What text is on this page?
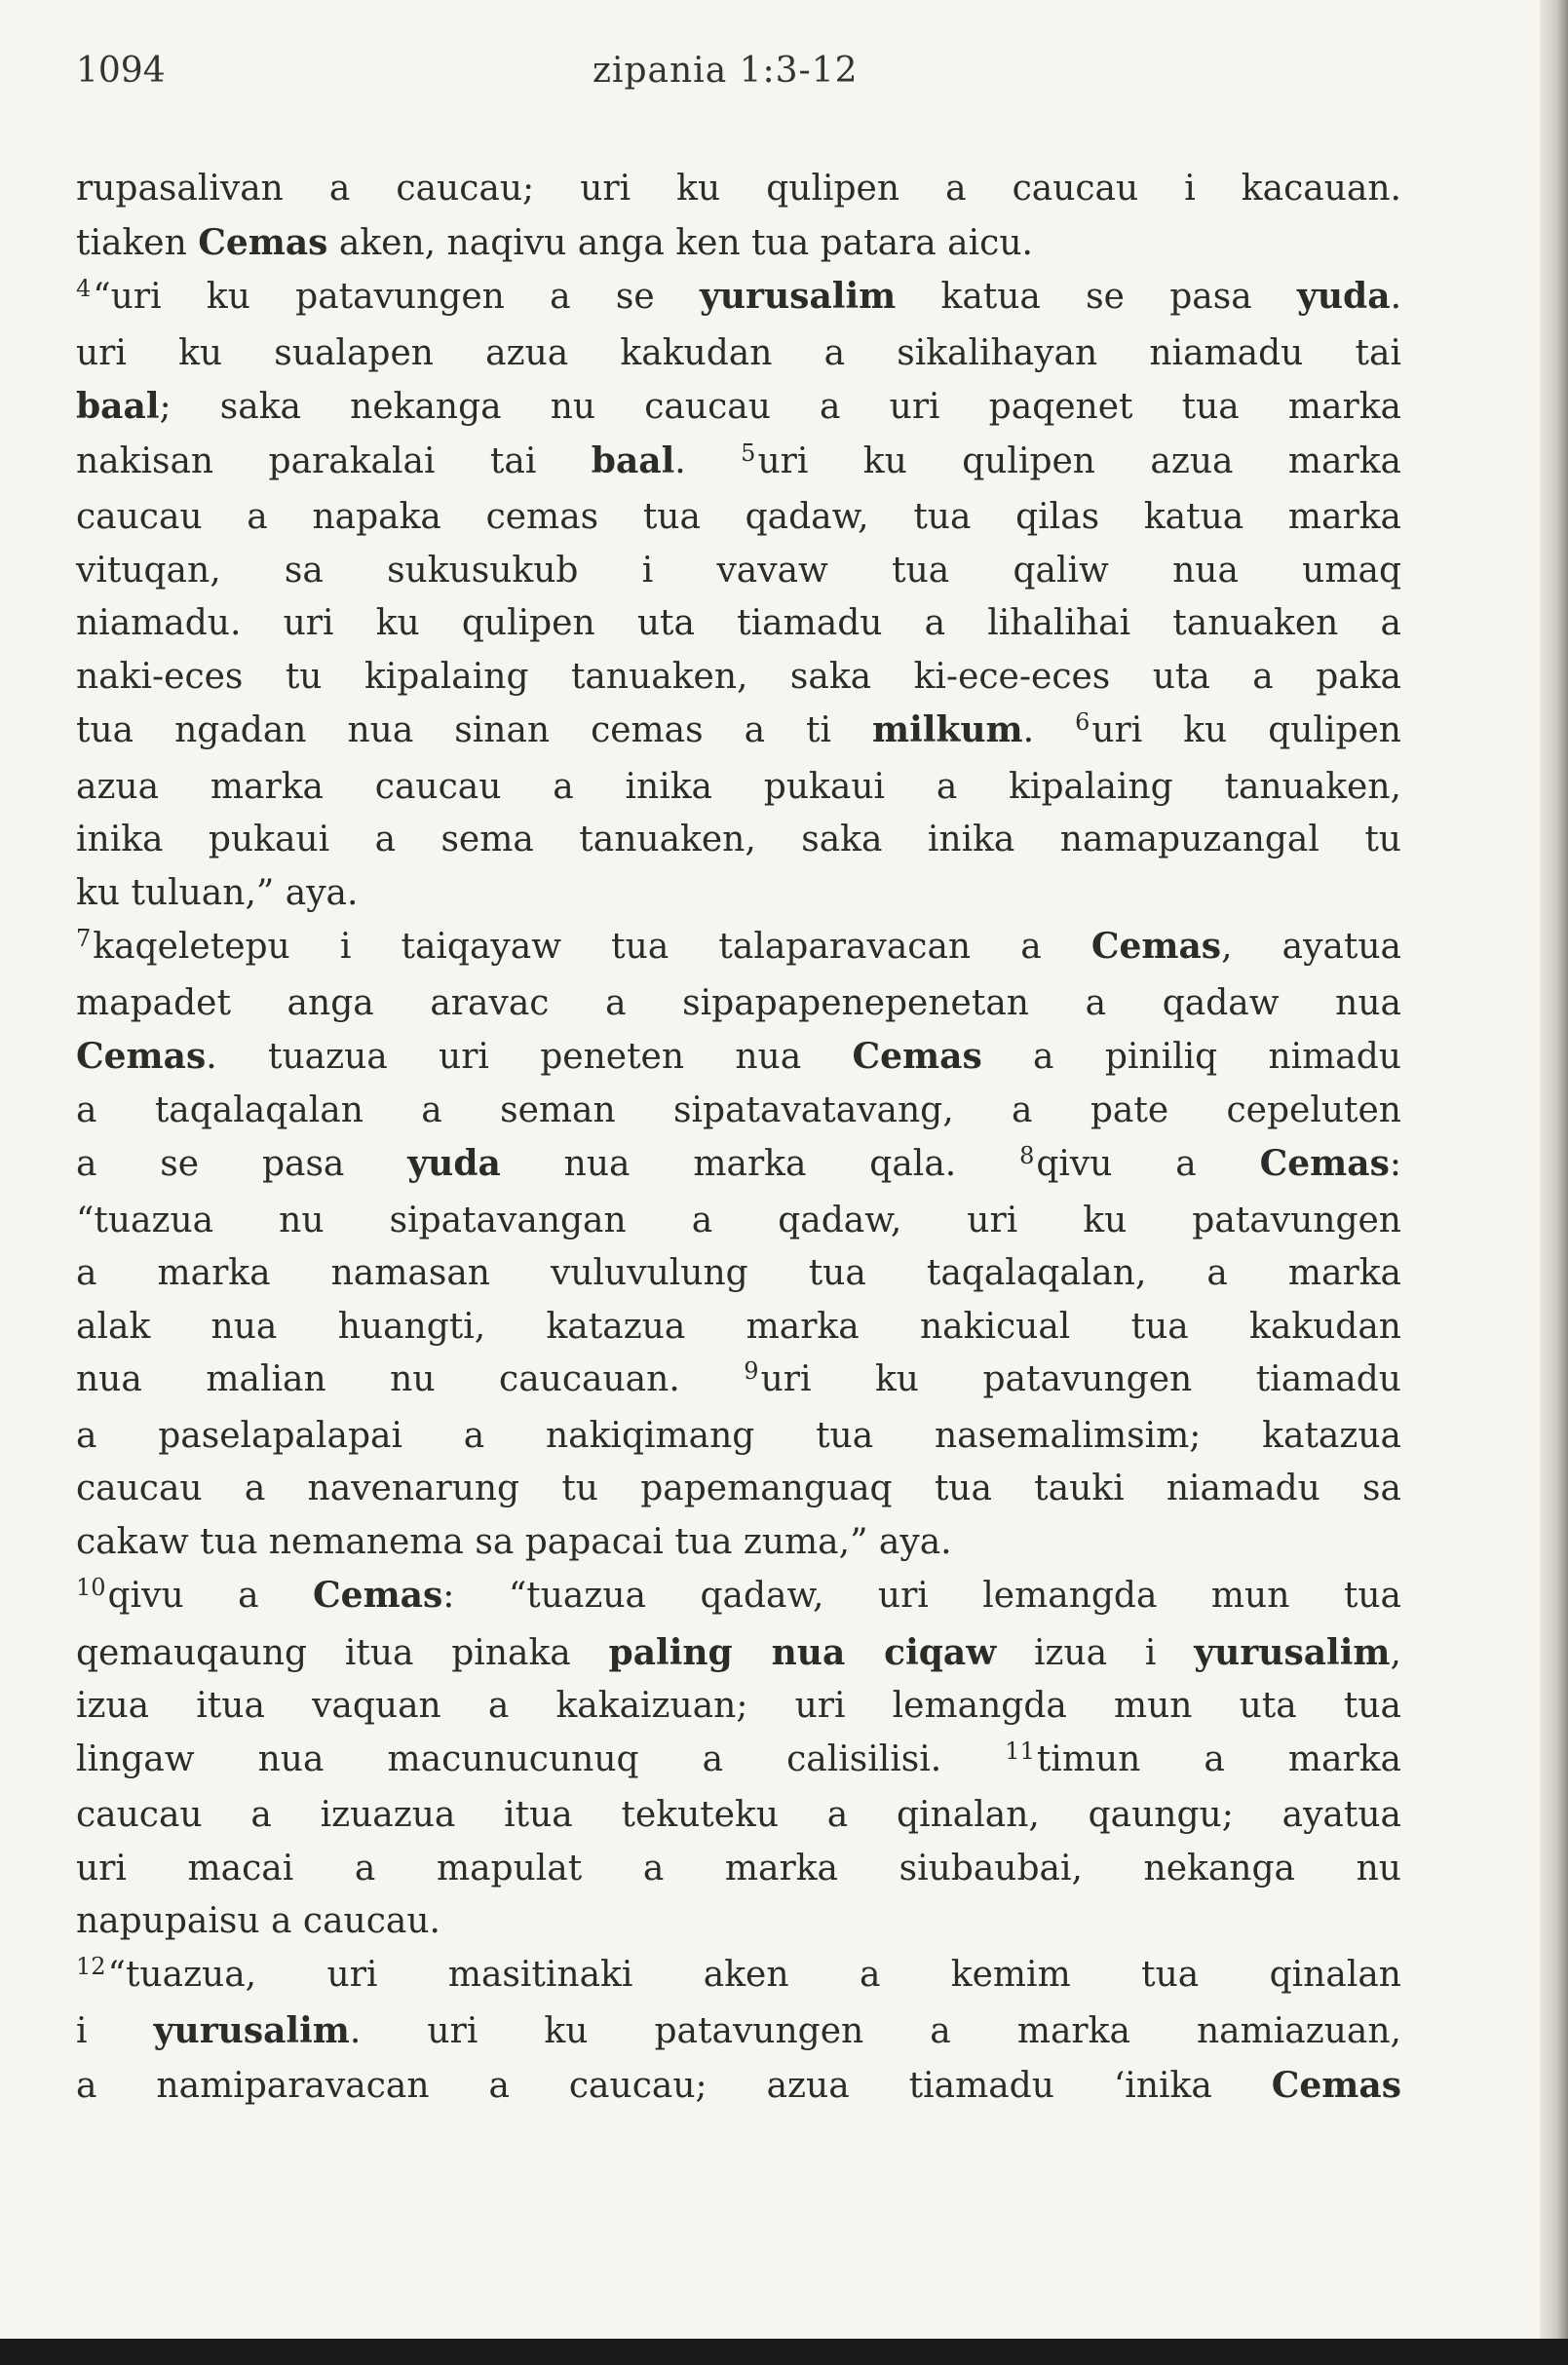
1094	zipania 1:3-12
rupasalivan a caucau; uri ku qulipen a caucau i kacauan.
tiaken Cemas aken, naqivu anga ken tua patara aicu.
$^4$“uri ku patavungen a se yurusalim katua se pasa yuda.
uri ku sualapen azua kakudan a sikalihayan niamadu tai
baal; saka nekanga nu caucau a uri paqenet tua marka
nakisan parakalai tai baal. $^5$uri ku qulipen azua marka
caucau a napaka cemas tua qadaw, tua qilas katua marka
vituqan, sa sukusukub i vavaw tua qaliw nua umaq
niamadu. uri ku qulipen uta tiamadu a lihalihai tanuaken a
naki-eces tu kipalaing tanuaken, saka ki-ece-eces uta a paka
tua ngadan nua sinan cemas a ti milkum. $^6$uri ku qulipen
azua marka caucau a inika pukaui a kipalaing tanuaken,
inika pukaui a sema tanuaken, saka inika namapuzangal tu
ku tuluan,” aya.
$^7$kaqeletepu i taiqayaw tua talaparavacan a Cemas, ayatua
mapadet anga aravac a sipapapenepenetan a qadaw nua
Cemas. tuazua uri peneten nua Cemas a piniliq nimadu
a taqalaqalan a seman sipatavatavang, a pate cepeluten
a se pasa yuda nua marka qala. $^8$qivu a Cemas:
“tuazua nu sipatavangan a qadaw, uri ku patavungen
a marka namasan vuluvulung tua taqalaqalan, a marka
alak nua huangti, katazua marka nakicual tua kakudan
nua malian nu caucauan. $^9$uri ku patavungen tiamadu
a paselapalapai a nakiqimang tua nasemalimsim; katazua
caucau a navenarung tu papemanguaq tua tauki niamadu sa
cakaw tua nemanema sa papacai tua zuma,” aya.
$^{10}$qivu a Cemas: “tuazua qadaw, uri lemangda mun tua
qemauqaung itua pinaka paling nua ciqaw izua i yurusalim,
izua itua vaquan a kakaizuan; uri lemangda mun uta tua
lingaw nua macunucunuq a calisilisi. $^{11}$timun a marka
caucau a izuazua itua tekuteku a qinalan, qaungu; ayatua
uri macai a mapulat a marka siubaubai, nekanga nu
napupaisu a caucau.
$^{12}$“tuazua, uri masitinaki aken a kemim tua qinalan
i yurusalim. uri ku patavungen a marka namiazuan,
a namiparavacan a caucau; azua tiamadu ‘inika Cemas
